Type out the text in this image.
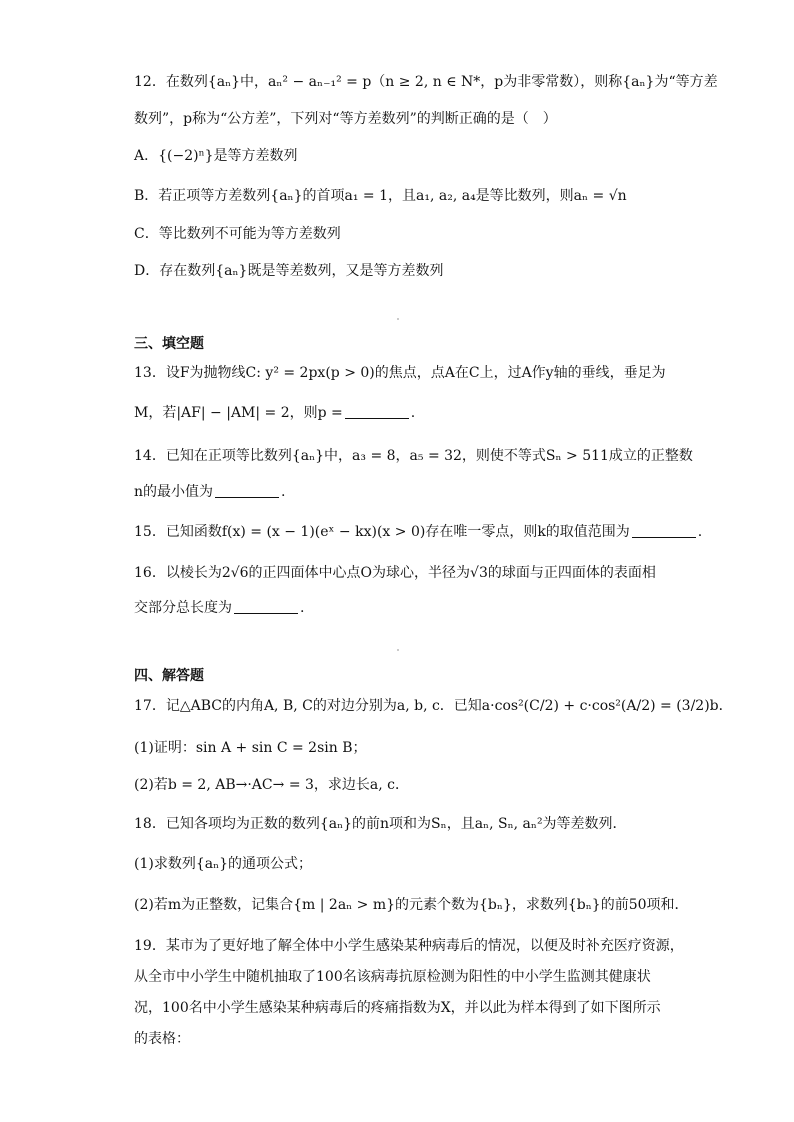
12．在数列{aₙ}中，aₙ² − aₙ₋₁² = p（n ≥ 2, n ∈ N*，p为非零常数），则称{aₙ}为“等方差
数列”，p称为“公方差”，下列对“等方差数列”的判断正确的是（　）
A．{(−2)ⁿ}是等方差数列
B．若正项等方差数列{aₙ}的首项a₁ = 1，且a₁, a₂, a₄是等比数列，则aₙ = √n
C．等比数列不可能为等方差数列
D．存在数列{aₙ}既是等差数列，又是等方差数列
三、填空题
13．设F为抛物线C: y² = 2px(p > 0)的焦点，点A在C上，过A作y轴的垂线，垂足为
M，若|AF| − |AM| = 2，则p =	.
14．已知在正项等比数列{aₙ}中，a₃ = 8，a₅ = 32，则使不等式Sₙ > 511成立的正整数
n的最小值为	.
15．已知函数f(x) = (x − 1)(eˣ − kx)(x > 0)存在唯一零点，则k的取值范围为	.
16．以棱长为2√6的正四面体中心点O为球心，半径为√3的球面与正四面体的表面相
交部分总长度为	.
四、解答题
17．记△ABC的内角A, B, C的对边分别为a, b, c．已知a·cos²(C/2) + c·cos²(A/2) = (3/2)b．
(1)证明：sin A + sin C = 2sin B；
(2)若b = 2, AB→·AC→ = 3，求边长a, c．
18．已知各项均为正数的数列{aₙ}的前n项和为Sₙ，且aₙ, Sₙ, aₙ²为等差数列．
(1)求数列{aₙ}的通项公式；
(2)若m为正整数，记集合{m | 2aₙ > m}的元素个数为{bₙ}，求数列{bₙ}的前50项和．
19．某市为了更好地了解全体中小学生感染某种病毒后的情况，以便及时补充医疗资源，
从全市中小学生中随机抽取了100名该病毒抗原检测为阳性的中小学生监测其健康状
况，100名中小学生感染某种病毒后的疼痛指数为X，并以此为样本得到了如下图所示
的表格：
